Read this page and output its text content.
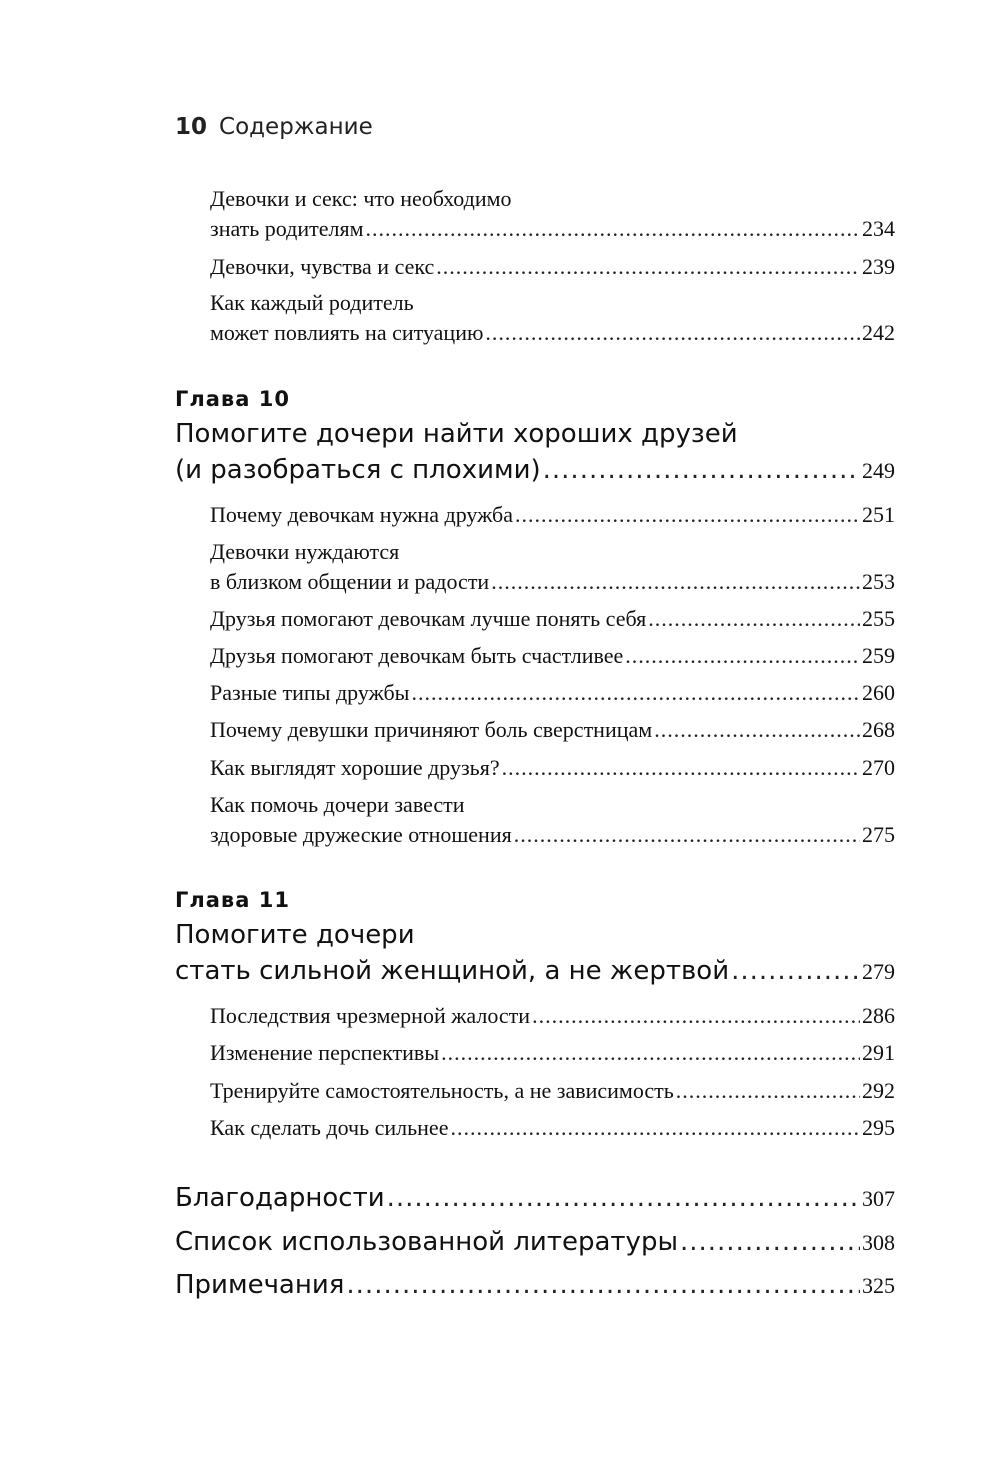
10 Содержание
Девочки и секс: что необходимо
знать родителям .....	234
Девочки, чувства и секс .....	239
Как каждый родитель
может повлиять на ситуацию .....	242
Глава 10
Помогите дочери найти хороших друзей
(и разобраться с плохими) .....	249
Почему девочкам нужна дружба .....	251
Девочки нуждаются
в близком общении и радости .....	253
Друзья помогают девочкам лучше понять себя .....	255
Друзья помогают девочкам быть счастливее .....	259
Разные типы дружбы .....	260
Почему девушки причиняют боль сверстницам .....	268
Как выглядят хорошие друзья? .....	270
Как помочь дочери завести
здоровые дружеские отношения .....	275
Глава 11
Помогите дочери
стать сильной женщиной, а не жертвой .....	279
Последствия чрезмерной жалости .....	286
Изменение перспективы .....	291
Тренируйте самостоятельность, а не зависимость .....	292
Как сделать дочь сильнее .....	295
Благодарности .....	307
Список использованной литературы .....	308
Примечания .....	325
